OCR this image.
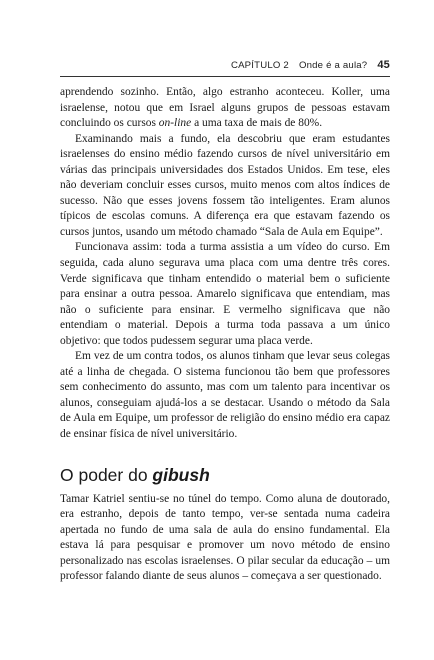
CAPÍTULO 2 Onde é a aula? 45

aprendendo sozinho. Então, algo estranho aconteceu. Koller, uma israelense, notou que em Israel alguns grupos de pessoas estavam concluindo os cursos on-line a uma taxa de mais de 80%.

Examinando mais a fundo, ela descobriu que eram estudantes israelenses do ensino médio fazendo cursos de nível universitário em várias das principais universidades dos Estados Unidos. Em tese, eles não deveriam concluir esses cursos, muito menos com altos índices de sucesso. Não que esses jovens fossem tão inteligentes. Eram alunos típicos de escolas comuns. A diferença era que estavam fazendo os cursos juntos, usando um método chamado “Sala de Aula em Equipe”.

Funcionava assim: toda a turma assistia a um vídeo do curso. Em seguida, cada aluno segurava uma placa com uma dentre três cores. Verde significava que tinham entendido o material bem o suficiente para ensinar a outra pessoa. Amarelo significava que entendiam, mas não o suficiente para ensinar. E vermelho significava que não entendiam o material. Depois a turma toda passava a um único objetivo: que todos pudessem segurar uma placa verde.

Em vez de um contra todos, os alunos tinham que levar seus colegas até a linha de chegada. O sistema funcionou tão bem que professores sem conhecimento do assunto, mas com um talento para incentivar os alunos, conseguiam ajudá-los a se destacar. Usando o método da Sala de Aula em Equipe, um professor de religião do ensino médio era capaz de ensinar física de nível universitário.

O poder do gibush

Tamar Katriel sentiu-se no túnel do tempo. Como aluna de doutorado, era estranho, depois de tanto tempo, ver-se sentada numa cadeira apertada no fundo de uma sala de aula do ensino fundamental. Ela estava lá para pesquisar e promover um novo método de ensino personalizado nas escolas israelenses. O pilar secular da educação – um professor falando diante de seus alunos – começava a ser questionado.
